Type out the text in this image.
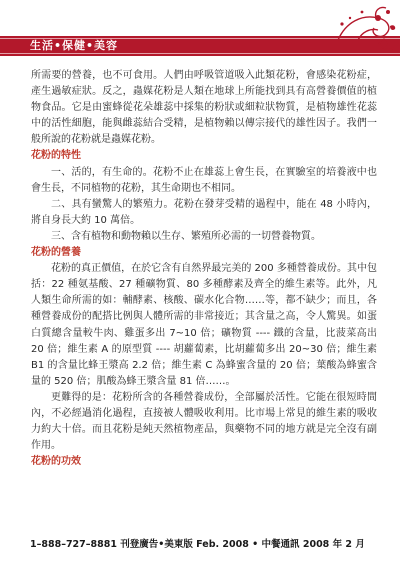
生活•保健•美容

所需要的營養，也不可食用。人們由呼吸管道吸入此類花粉，會感染花粉症，產生過敏症狀。反之，蟲媒花粉是人類在地球上所能找到具有高營養價值的植物食品。它是由蜜蜂從花朵雄蕊中採集的粉狀或細粒狀物質，是植物雄性花蕊中的活性細胞，能與雌蕊結合受精，是植物賴以傳宗接代的雄性因子。我們一般所說的花粉就是蟲媒花粉。

花粉的特性

一、活的，有生命的。花粉不止在雄蕊上會生長，在實驗室的培養液中也會生長，不同植物的花粉，其生命期也不相同。

二、具有蠻驚人的繁殖力。花粉在發芽受精的過程中，能在 48 小時內，將自身長大約 10 萬倍。

三、含有植物和動物賴以生存、繁殖所必需的一切營養物質。

花粉的營養

花粉的真正價值，在於它含有自然界最完美的 200 多種營養成份。其中包括：22 種氨基酸、27 種礦物質、80 多種酵素及齊全的維生素等。此外，凡人類生命所需的如：輔酵素、核酸、碳水化合物……等，都不缺少；而且，各種營養成份的配搭比例與人體所需的非常接近；其含量之高，令人驚異。如蛋白質總含量較牛肉、雞蛋多出 7~10 倍；礦物質 ---- 鐵的含量，比菠菜高出 20 倍；維生素 A 的原型質 ---- 胡蘿蔔素，比胡蘿蔔多出 20~30 倍；維生素 B1 的含量比蜂王漿高 2.2 倍；維生素 C 為蜂蜜含量的 20 倍；葉酸為蜂蜜含量的 520 倍；肌酸為蜂王漿含量 81 倍……。

更難得的是：花粉所含的各種營養成份，全部屬於活性。它能在很短時間內，不必經過消化過程，直接被人體吸收利用。比市場上常見的維生素的吸收力約大十倍。而且花粉是純天然植物產品，與藥物不同的地方就是完全沒有副作用。

花粉的功效

1–888–727–8881 刊登廣告•美東版 Feb. 2008 • 中餐通訊 2008 年 2 月
